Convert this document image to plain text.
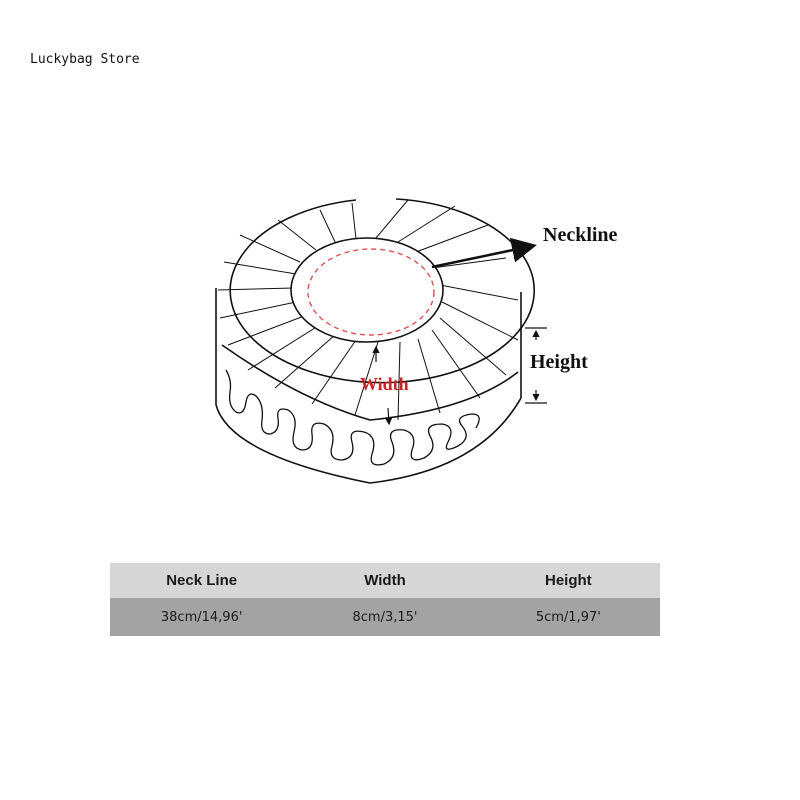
Luckybag Store
Neckline
Height
Width
Neck Line	Width	Height
38cm/14,96'	8cm/3,15'	5cm/1,97'
